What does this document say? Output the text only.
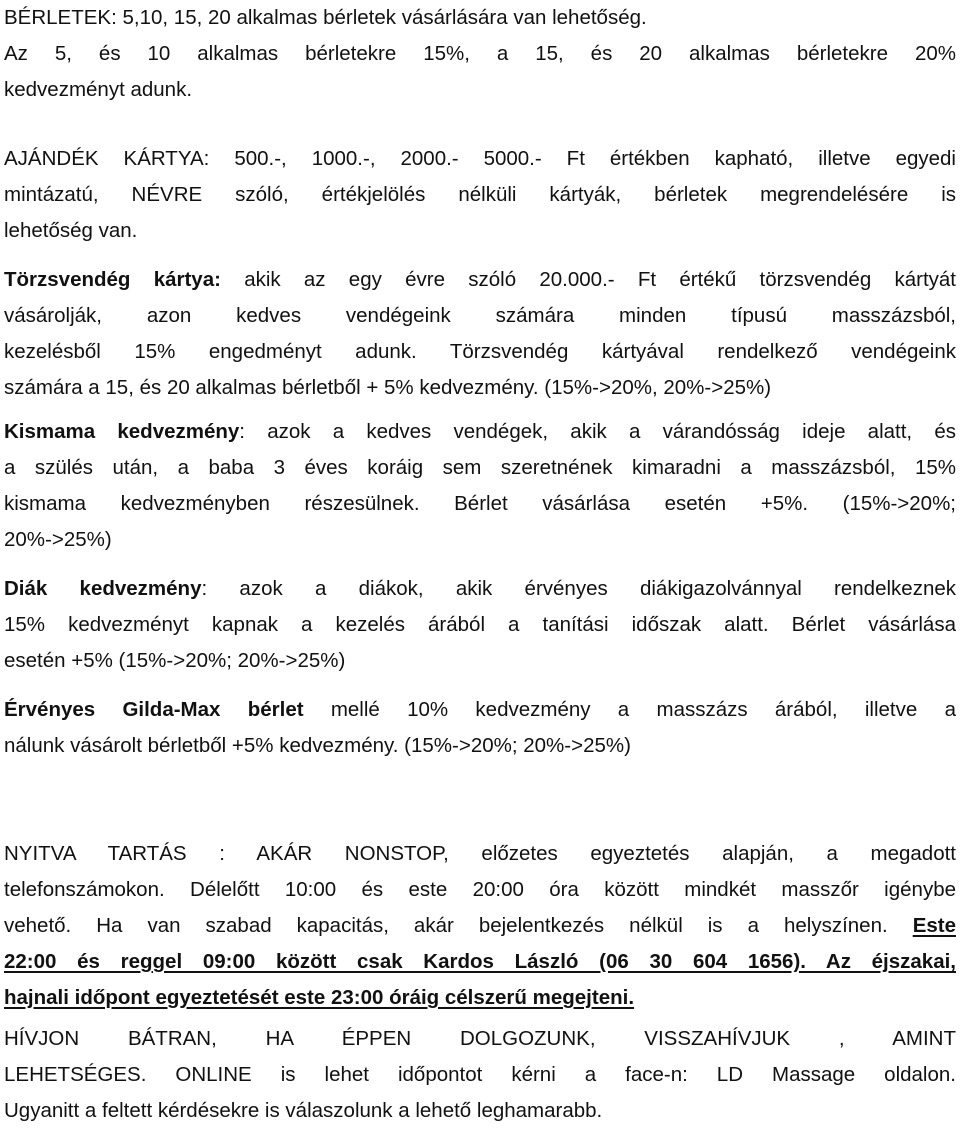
BÉRLETEK: 5,10, 15, 20 alkalmas bérletek vásárlására van lehetőség.
Az 5, és 10 alkalmas bérletekre 15%, a 15, és 20 alkalmas bérletekre 20%
kedvezményt adunk.
AJÁNDÉK KÁRTYA: 500.-, 1000.-, 2000.- 5000.- Ft értékben kapható, illetve egyedi
mintázatú, NÉVRE szóló, értékjelölés nélküli kártyák, bérletek megrendelésére is
lehetőség van.
Törzsvendég kártya: akik az egy évre szóló 20.000.- Ft értékű törzsvendég kártyát
vásárolják, azon kedves vendégeink számára minden típusú masszázsból,
kezelésből 15% engedményt adunk. Törzsvendég kártyával rendelkező vendégeink
számára a 15, és 20 alkalmas bérletből + 5% kedvezmény. (15%->20%, 20%->25%)
Kismama kedvezmény: azok a kedves vendégek, akik a várandósság ideje alatt, és
a szülés után, a baba 3 éves koráig sem szeretnének kimaradni a masszázsból, 15%
kismama kedvezményben részesülnek. Bérlet vásárlása esetén +5%. (15%->20%;
20%->25%)
Diák kedvezmény: azok a diákok, akik érvényes diákigazolvánnyal rendelkeznek
15% kedvezményt kapnak a kezelés árából a tanítási időszak alatt. Bérlet vásárlása
esetén +5% (15%->20%; 20%->25%)
Érvényes Gilda-Max bérlet mellé 10% kedvezmény a masszázs árából, illetve a
nálunk vásárolt bérletből +5% kedvezmény. (15%->20%; 20%->25%)
NYITVA TARTÁS : AKÁR NONSTOP, előzetes egyeztetés alapján, a megadott
telefonszámokon. Délelőtt 10:00 és este 20:00 óra között mindkét masszőr igénybe
vehető. Ha van szabad kapacitás, akár bejelentkezés nélkül is a helyszínen. Este
22:00 és reggel 09:00 között csak Kardos László (06 30 604 1656). Az éjszakai,
hajnali időpont egyeztetését este 23:00 óráig célszerű megejteni.
HÍVJON BÁTRAN, HA ÉPPEN DOLGOZUNK, VISSZAHÍVJUK , AMINT
LEHETSÉGES. ONLINE is lehet időpontot kérni a face-n: LD Massage oldalon.
Ugyanitt a feltett kérdésekre is válaszolunk a lehető leghamarabb.
